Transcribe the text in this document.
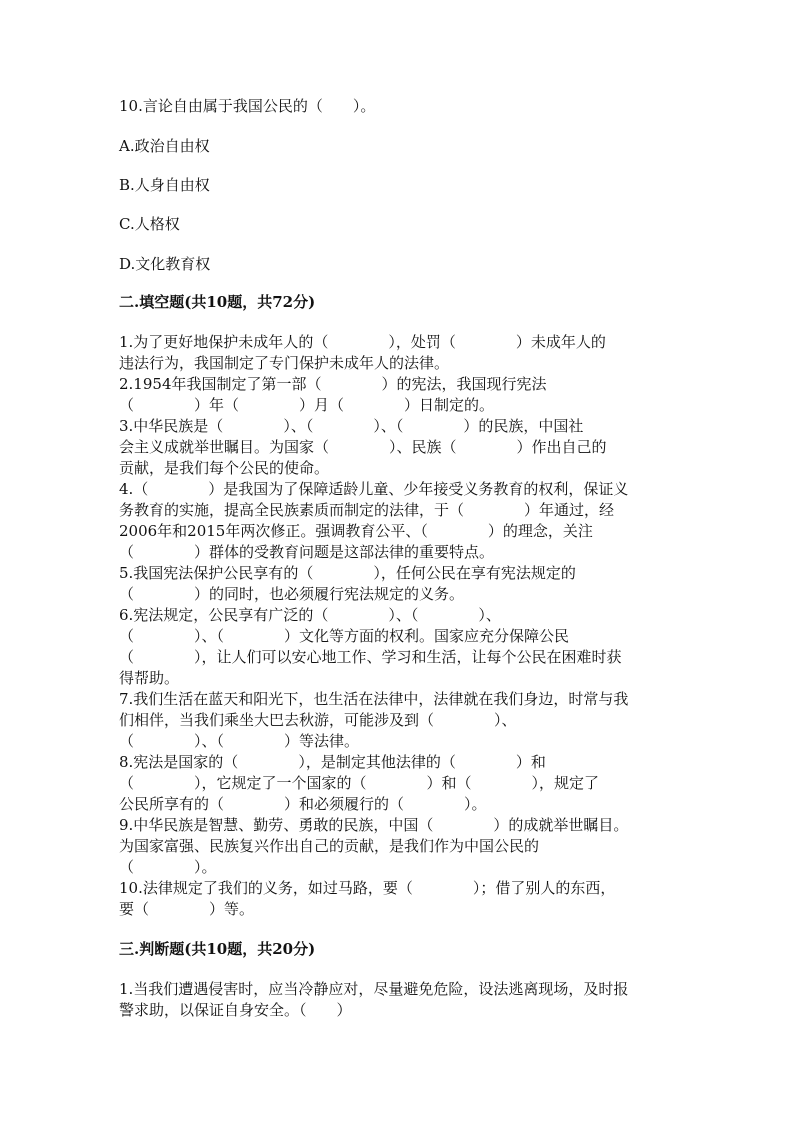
10.言论自由属于我国公民的（　　）。

A.政治自由权

B.人身自由权

C.人格权

D.文化教育权

二.填空题(共10题，共72分)

1.为了更好地保护未成年人的（　　　　），处罚（　　　　）未成年人的

违法行为，我国制定了专门保护未成年人的法律。

2.1954年我国制定了第一部（　　　　）的宪法，我国现行宪法

（　　　　）年（　　　　）月（　　　　）日制定的。

3.中华民族是（　　　　）、（　　　　）、（　　　　）的民族，中国社

会主义成就举世瞩目。为国家（　　　　）、民族（　　　　）作出自己的

贡献，是我们每个公民的使命。

4.（　　　　）是我国为了保障适龄儿童、少年接受义务教育的权利，保证义

务教育的实施，提高全民族素质而制定的法律，于（　　　　）年通过，经

2006年和2015年两次修正。强调教育公平、（　　　　）的理念，关注

（　　　　）群体的受教育问题是这部法律的重要特点。

5.我国宪法保护公民享有的（　　　　），任何公民在享有宪法规定的

（　　　　）的同时，也必须履行宪法规定的义务。

6.宪法规定，公民享有广泛的（　　　　）、（　　　　）、

（　　　　）、（　　　　）文化等方面的权利。国家应充分保障公民

（　　　　），让人们可以安心地工作、学习和生活，让每个公民在困难时获

得帮助。

7.我们生活在蓝天和阳光下，也生活在法律中，法律就在我们身边，时常与我

们相伴，当我们乘坐大巴去秋游，可能涉及到（　　　　）、

（　　　　）、（　　　　）等法律。

8.宪法是国家的（　　　　），是制定其他法律的（　　　　）和

（　　　　），它规定了一个国家的（　　　　）和（　　　　），规定了

公民所享有的（　　　　）和必须履行的（　　　　）。

9.中华民族是智慧、勤劳、勇敢的民族，中国（　　　　）的成就举世瞩目。

为国家富强、民族复兴作出自己的贡献，是我们作为中国公民的

（　　　　）。

10.法律规定了我们的义务，如过马路，要（　　　　）；借了别人的东西，

要（　　　　）等。

三.判断题(共10题，共20分)

1.当我们遭遇侵害时，应当冷静应对，尽量避免危险，设法逃离现场，及时报

警求助，以保证自身安全。（　　）
